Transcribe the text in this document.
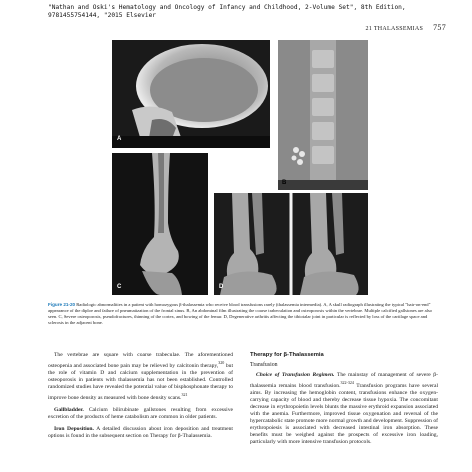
"Nathan and Oski's Hematology and Oncology of Infancy and Childhood, 2-Volume Set", 8th Edition,
9781455754144, "2015 Elsevier
21 THALASSEMIAS 757
A
B
C	D
Figure 21-20 Radiologic abnormalities in a patient with homozygous β-thalassemia who receive blood transfusions rarely (thalassemia intermedia). A, A skull radiograph illustrating the typical "hair-on-end" appearance of the diploe and failure of pneumatization of the frontal sinus. B, An abdominal film illustrating the coarse trabeculation and osteoporosis within the vertebrae. Multiple calcified gallstones are also seen. C, Severe osteoporosis, pseudofractures, thinning of the cortex, and bowing of the femur. D, Degenerative arthritis affecting the tibiotalar joint in particular is reflected by loss of the cartilage space and sclerosis in the adjacent bone.

The vertebrae are square with coarse trabeculae. The aforementioned osteopenia and associated bone pain may be relieved by calcitonin therapy,$^{320}$ but the role of vitamin D and calcium supplementation in the prevention of osteoporosis in patients with thalassemia has not been established. Controlled randomized studies have revealed the potential value of bisphosphonate therapy to improve bone density as measured with bone density scans.$^{321}$

Gallbladder. Calcium bilirubinate gallstones resulting from excessive excretion of the products of heme catabolism are common in older patients.

Iron Deposition. A detailed discussion about iron deposition and treatment options is found in the subsequent section on Therapy for β-Thalassemia.

Therapy for β-Thalassemia
Transfusion

Choice of Transfusion Regimen. The mainstay of management of severe β-thalassemia remains blood transfusion.$^{322-324}$ Transfusion programs have several aims. By increasing the hemoglobin content, transfusions enhance the oxygen-carrying capacity of blood and thereby decrease tissue hypoxia. The concomitant decrease in erythropoietin levels blunts the massive erythroid expansion associated with the anemia. Furthermore, improved tissue oxygenation and reversal of the hypercatabolic state promote more normal growth and development. Suppression of erythropoiesis is associated with decreased intestinal iron absorption. These benefits must be weighed against the prospects of excessive iron loading, particularly with more intensive transfusion protocols.
